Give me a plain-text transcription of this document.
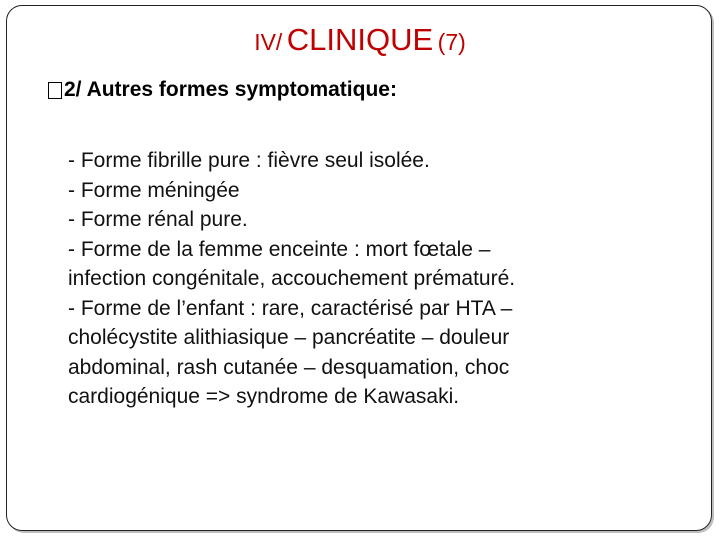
IV/ CLINIQUE (7)
2/ Autres formes symptomatique:
- Forme fibrille pure : fièvre seul isolée.
- Forme méningée
- Forme rénal pure.
- Forme de la femme enceinte : mort fœtale –
infection congénitale, accouchement prématuré.
- Forme de l’enfant : rare, caractérisé par HTA –
cholécystite alithiasique – pancréatite – douleur
abdominal, rash cutanée – desquamation, choc
cardiogénique => syndrome de Kawasaki.
